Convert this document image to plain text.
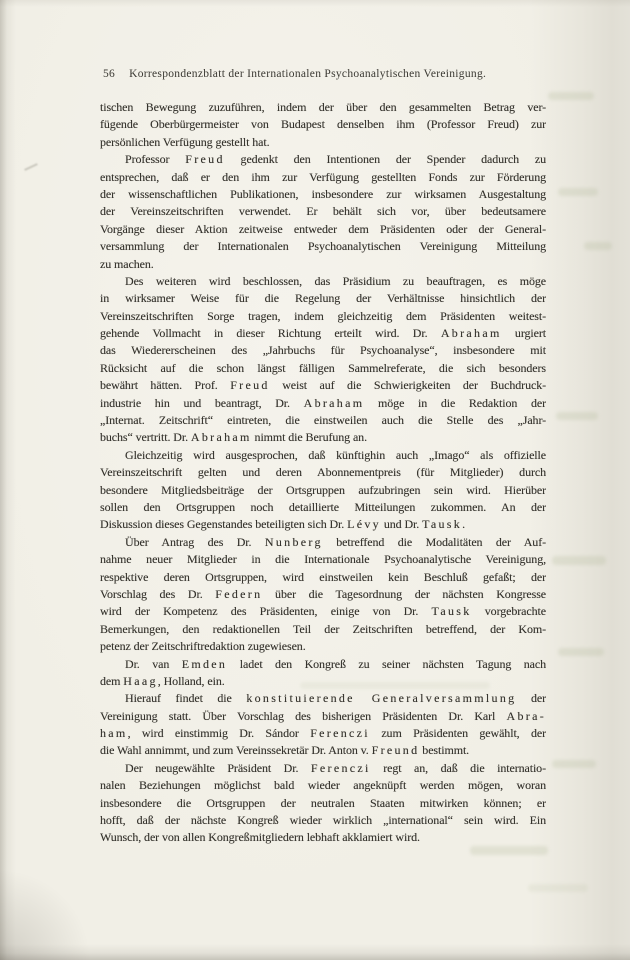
56 Korrespondenzblatt der Internationalen Psychoanalytischen Vereinigung.
tischen Bewegung zuzuführen, indem der über den gesammelten Betrag ver-
fügende Oberbürgermeister von Budapest denselben ihm (Professor Freud) zur
persönlichen Verfügung gestellt hat.
Professor Freud gedenkt den Intentionen der Spender dadurch zu
entsprechen, daß er den ihm zur Verfügung gestellten Fonds zur Förderung
der wissenschaftlichen Publikationen, insbesondere zur wirksamen Ausgestaltung
der Vereinszeitschriften verwendet. Er behält sich vor, über bedeutsamere
Vorgänge dieser Aktion zeitweise entweder dem Präsidenten oder der General-
versammlung der Internationalen Psychoanalytischen Vereinigung Mitteilung
zu machen.
Des weiteren wird beschlossen, das Präsidium zu beauftragen, es möge
in wirksamer Weise für die Regelung der Verhältnisse hinsichtlich der
Vereinszeitschriften Sorge tragen, indem gleichzeitig dem Präsidenten weitest-
gehende Vollmacht in dieser Richtung erteilt wird. Dr. Abraham urgiert
das Wiedererscheinen des „Jahrbuchs für Psychoanalyse“, insbesondere mit
Rücksicht auf die schon längst fälligen Sammelreferate, die sich besonders
bewährt hätten. Prof. Freud weist auf die Schwierigkeiten der Buchdruck-
industrie hin und beantragt, Dr. Abraham möge in die Redaktion der
„Internat. Zeitschrift“ eintreten, die einstweilen auch die Stelle des „Jahr-
buchs“ vertritt. Dr. Abraham nimmt die Berufung an.
Gleichzeitig wird ausgesprochen, daß künftighin auch „Imago“ als offizielle
Vereinszeitschrift gelten und deren Abonnementpreis (für Mitglieder) durch
besondere Mitgliedsbeiträge der Ortsgruppen aufzubringen sein wird. Hierüber
sollen den Ortsgruppen noch detaillierte Mitteilungen zukommen. An der
Diskussion dieses Gegenstandes beteiligten sich Dr. Lévy und Dr. Tausk.
Über Antrag des Dr. Nunberg betreffend die Modalitäten der Auf-
nahme neuer Mitglieder in die Internationale Psychoanalytische Vereinigung,
respektive deren Ortsgruppen, wird einstweilen kein Beschluß gefaßt; der
Vorschlag des Dr. Federn über die Tagesordnung der nächsten Kongresse
wird der Kompetenz des Präsidenten, einige von Dr. Tausk vorgebrachte
Bemerkungen, den redaktionellen Teil der Zeitschriften betreffend, der Kom-
petenz der Zeitschriftredaktion zugewiesen.
Dr. van Emden ladet den Kongreß zu seiner nächsten Tagung nach
dem Haag, Holland, ein.
Hierauf findet die konstituierende Generalversammlung der
Vereinigung statt. Über Vorschlag des bisherigen Präsidenten Dr. Karl Abra-
ham, wird einstimmig Dr. Sándor Ferenczi zum Präsidenten gewählt, der
die Wahl annimmt, und zum Vereinssekretär Dr. Anton v. Freund bestimmt.
Der neugewählte Präsident Dr. Ferenczi regt an, daß die internatio-
nalen Beziehungen möglichst bald wieder angeknüpft werden mögen, woran
insbesondere die Ortsgruppen der neutralen Staaten mitwirken können; er
hofft, daß der nächste Kongreß wieder wirklich „international“ sein wird. Ein
Wunsch, der von allen Kongreßmitgliedern lebhaft akklamiert wird.
